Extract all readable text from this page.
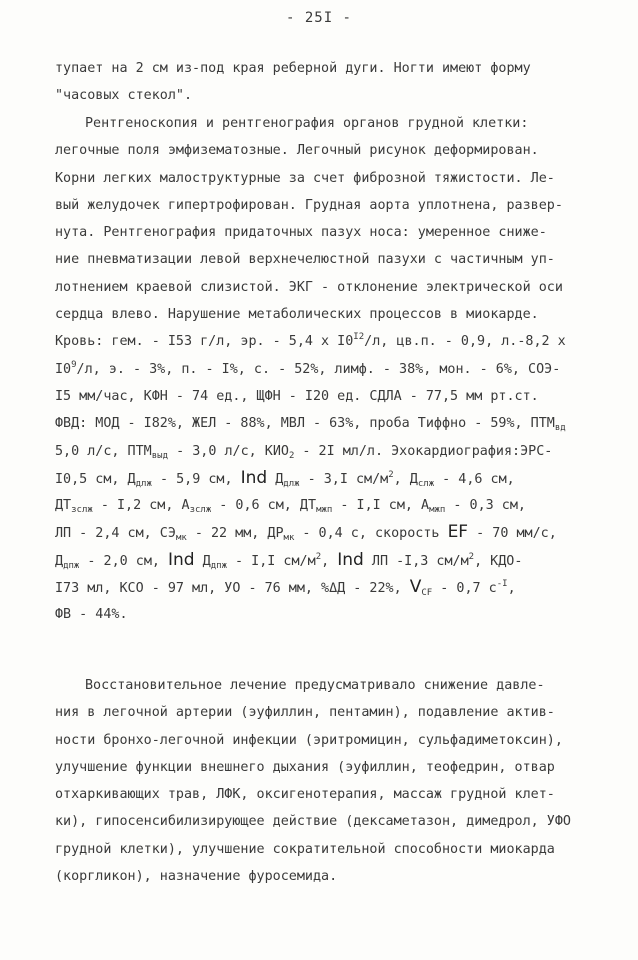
- 25I -
тупает на 2 см из-под края реберной дуги. Ногти имеют форму
"часовых стекол".
Рентгеноскопия и рентгенография органов грудной клетки:
легочные поля эмфизематозные. Легочный рисунок деформирован.
Корни легких малоструктурные за счет фиброзной тяжистости. Ле-
вый желудочек гипертрофирован. Грудная аорта уплотнена, развер-
нута. Рентгенография придаточных пазух носа: умеренное сниже-
ние пневматизации левой верхнечелюстной пазухи с частичным уп-
лотнением краевой слизистой. ЭКГ - отклонение электрической оси
сердца влево. Нарушение метаболических процессов в миокарде.
Кровь: гем. - I53 г/л, эр. - 5,4 х $I0^{I2}/л$, цв.п. - 0,9, л.-8,2 х
$I0^9/л$, э. - 3%, п. - I%, с. - 52%, лимф. - 38%, мон. - 6%, СОЭ-
I5 мм/час, КФН - 74 ед., ЩФН - I20 ед. СДЛА - 77,5 мм рт.ст.
ФВД: МОД - I82%, ЖЕЛ - 88%, МВЛ - 63%, проба Тиффно - 59%, $ПТМ_{вд}$
5,0 л/с, $ПТМ_{выд} - 3,0$ л/с, $КИО_2 - 2I$ мл/л. Эхокардиография:ЭРС-
I0,5 см, $Д_{длж} - 5,9$ см, Ind $Д_{длж} - 3,I$ $см/м^2$, $Д_{слж} - 4,6$ см,
$ДТ_{зслж} - I,2$ см, $А_{зслж} - 0,6$ см, $ДТ_{мжп} - I,I$ см, $А_{мжп} - 0,3$ см,
ЛП - 2,4 см, $СЭ_{мк} - 22$ мм, $ДР_{мк} - 0,4$ с, скорость EF - 70 мм/с,
$Д_{дпж} - 2,0$ см, Ind $Д_{дпж} - I,I$ $см/м^2$, Ind ЛП -I,3 $см/м^2$, КДО-
I73 мл, КСО - 97 мл, УО - 76 мм, %ΔД - 22%, $V_{CF} - 0,7$ $с^{-I}$,
ФВ - 44%.
Восстановительное лечение предусматривало снижение давле-
ния в легочной артерии (эуфиллин, пентамин), подавление актив-
ности бронхо-легочной инфекции (эритромицин, сульфадиметоксин),
улучшение функции внешнего дыхания (эуфиллин, теофедрин, отвар
отхаркивающих трав, ЛФК, оксигенотерапия, массаж грудной клет-
ки), гипосенсибилизирующее действие (дексаметазон, димедрол, УФО
грудной клетки), улучшение сократительной способности миокарда
(коргликон), назначение фуросемида.
